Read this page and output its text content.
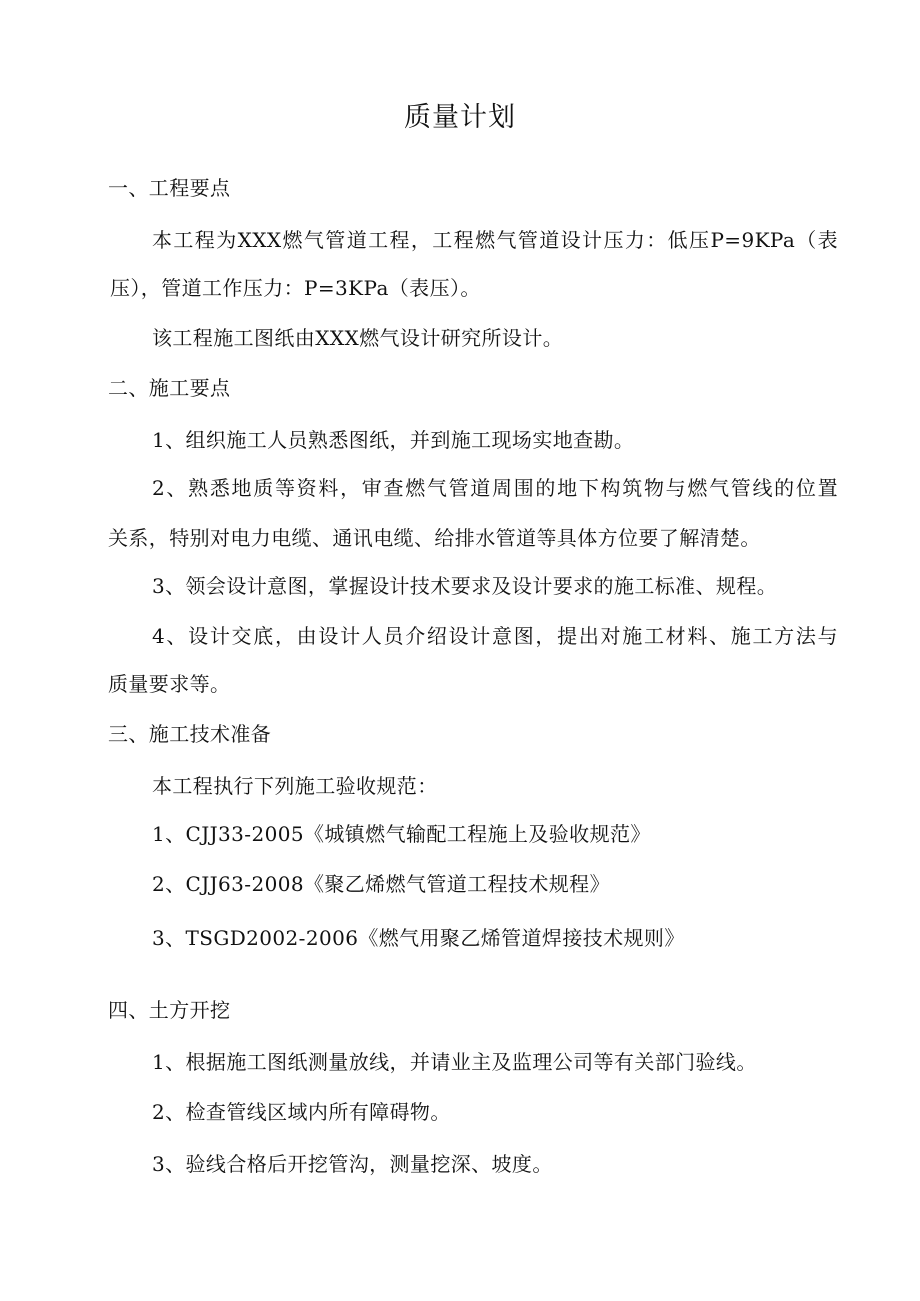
质量计划
一、工程要点
本工程为XXX燃气管道工程，工程燃气管道设计压力：低压P=9KPa（表
压），管道工作压力：P=3KPa（表压）。
该工程施工图纸由XXX燃气设计研究所设计。
二、施工要点
1、组织施工人员熟悉图纸，并到施工现场实地查勘。
2、熟悉地质等资料，审查燃气管道周围的地下构筑物与燃气管线的位置
关系，特别对电力电缆、通讯电缆、给排水管道等具体方位要了解清楚。
3、领会设计意图，掌握设计技术要求及设计要求的施工标准、规程。
4、设计交底，由设计人员介绍设计意图，提出对施工材料、施工方法与
质量要求等。
三、施工技术准备
本工程执行下列施工验收规范：
1、CJJ33-2005《城镇燃气输配工程施上及验收规范》
2、CJJ63-2008《聚乙烯燃气管道工程技术规程》
3、TSGD2002-2006《燃气用聚乙烯管道焊接技术规则》
四、土方开挖
1、根据施工图纸测量放线，并请业主及监理公司等有关部门验线。
2、检查管线区域内所有障碍物。
3、验线合格后开挖管沟，测量挖深、坡度。
